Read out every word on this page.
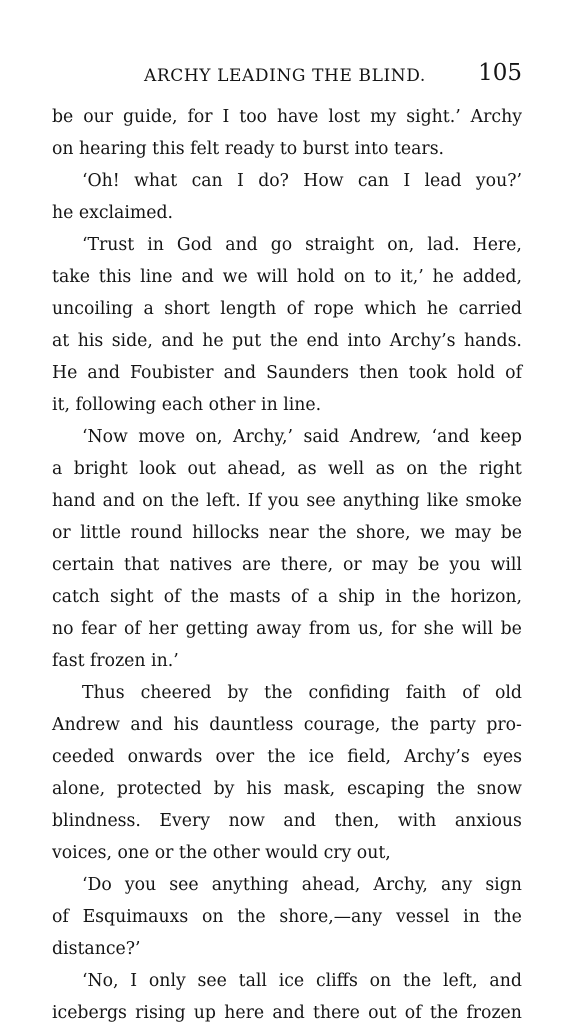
ARCHY LEADING THE BLIND. 105
be our guide, for I too have lost my sight.’ Archy
on hearing this felt ready to burst into tears.
‘Oh! what can I do? How can I lead you?’
he exclaimed.
‘Trust in God and go straight on, lad. Here,
take this line and we will hold on to it,’ he added,
uncoiling a short length of rope which he carried
at his side, and he put the end into Archy’s hands.
He and Foubister and Saunders then took hold of
it, following each other in line.
‘Now move on, Archy,’ said Andrew, ‘and keep
a bright look out ahead, as well as on the right
hand and on the left. If you see anything like smoke
or little round hillocks near the shore, we may be
certain that natives are there, or may be you will
catch sight of the masts of a ship in the horizon,
no fear of her getting away from us, for she will be
fast frozen in.’
Thus cheered by the confiding faith of old
Andrew and his dauntless courage, the party pro-
ceeded onwards over the ice field, Archy’s eyes
alone, protected by his mask, escaping the snow
blindness. Every now and then, with anxious
voices, one or the other would cry out,
‘Do you see anything ahead, Archy, any sign
of Esquimauxs on the shore,—any vessel in the
distance?’
‘No, I only see tall ice cliffs on the left, and
icebergs rising up here and there out of the frozen
